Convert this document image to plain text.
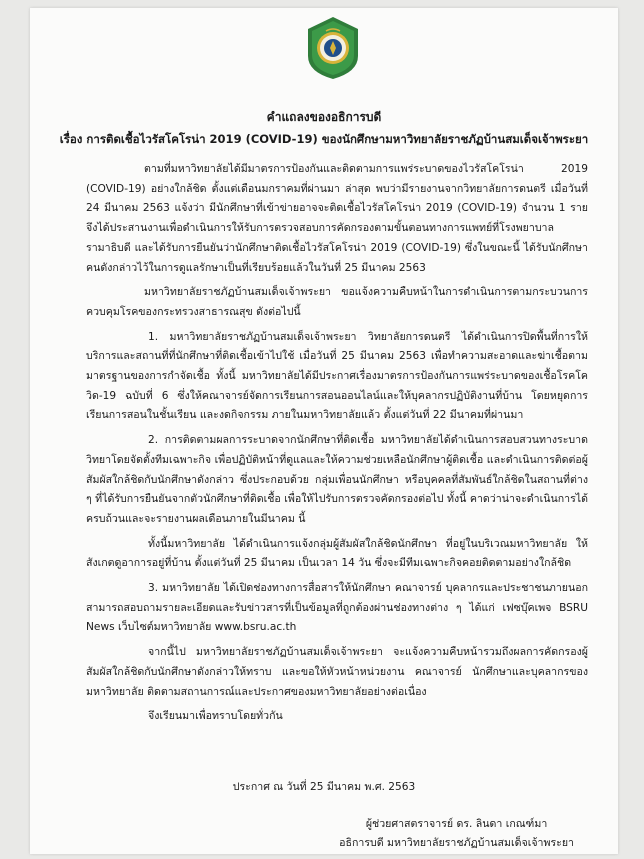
คำแถลงของอธิการบดี

เรื่อง การติดเชื้อไวรัสโคโรน่า 2019 (COVID-19) ของนักศึกษามหาวิทยาลัยราชภัฏบ้านสมเด็จเจ้าพระยา

ตามที่มหาวิทยาลัยได้มีมาตรการป้องกันและติดตามการแพร่ระบาดของไวรัสโคโรน่า 2019 (COVID-19) อย่างใกล้ชิด ตั้งแต่เดือนมกราคมที่ผ่านมา ล่าสุด พบว่ามีรายงานจากวิทยาลัยการดนตรี เมื่อวันที่ 24 มีนาคม 2563 แจ้งว่า มีนักศึกษาที่เข้าข่ายอาจจะติดเชื้อไวรัสโคโรน่า 2019 (COVID-19) จำนวน 1 ราย จึงได้ประสานงานเพื่อดำเนินการให้รับการตรวจสอบการคัดกรองตามขั้นตอนทางการแพทย์ที่โรงพยาบาลรามาธิบดี และได้รับการยืนยันว่านักศึกษาติดเชื้อไวรัสโคโรน่า 2019 (COVID-19) ซึ่งในขณะนี้ ได้รับนักศึกษาคนดังกล่าวไว้ในการดูแลรักษาเป็นที่เรียบร้อยแล้วในวันที่ 25 มีนาคม 2563

มหาวิทยาลัยราชภัฏบ้านสมเด็จเจ้าพระยา ขอแจ้งความคืบหน้าในการดำเนินการตามกระบวนการควบคุมโรคของกระทรวงสาธารณสุข ดังต่อไปนี้

1. มหาวิทยาลัยราชภัฏบ้านสมเด็จเจ้าพระยา วิทยาลัยการดนตรี ได้ดำเนินการปิดพื้นที่การให้บริการและสถานที่ที่นักศึกษาที่ติดเชื้อเข้าไปใช้ เมื่อวันที่ 25 มีนาคม 2563 เพื่อทำความสะอาดและฆ่าเชื้อตามมาตรฐานของการกำจัดเชื้อ ทั้งนี้ มหาวิทยาลัยได้มีประกาศเรื่องมาตรการป้องกันการแพร่ระบาดของเชื้อโรคโควิด-19 ฉบับที่ 6 ซึ่งให้คณาจารย์จัดการเรียนการสอนออนไลน์และให้บุคลากรปฏิบัติงานที่บ้าน โดยหยุดการเรียนการสอนในชั้นเรียน และงดกิจกรรม ภายในมหาวิทยาลัยแล้ว ตั้งแต่วันที่ 22 มีนาคมที่ผ่านมา

2. การติดตามผลการระบาดจากนักศึกษาที่ติดเชื้อ มหาวิทยาลัยได้ดำเนินการสอบสวนทางระบาดวิทยาโดยจัดตั้งทีมเฉพาะกิจ เพื่อปฏิบัติหน้าที่ดูแลและให้ความช่วยเหลือนักศึกษาผู้ติดเชื้อ และดำเนินการติดต่อผู้สัมผัสใกล้ชิดกับนักศึกษาดังกล่าว ซึ่งประกอบด้วย กลุ่มเพื่อนนักศึกษา หรือบุคคลที่สัมพันธ์ใกล้ชิดในสถานที่ต่าง ๆ ที่ได้รับการยืนยันจากตัวนักศึกษาที่ติดเชื้อ เพื่อให้ไปรับการตรวจคัดกรองต่อไป ทั้งนี้ คาดว่าน่าจะดำเนินการได้ครบถ้วนและจะรายงานผลเดือนภายในมีนาคม นี้

ทั้งนี้มหาวิทยาลัย ได้ดำเนินการแจ้งกลุ่มผู้สัมผัสใกล้ชิดนักศึกษา ที่อยู่ในบริเวณมหาวิทยาลัย ให้สังเกตดูอาการอยู่ที่บ้าน ตั้งแต่วันที่ 25 มีนาคม เป็นเวลา 14 วัน ซึ่งจะมีทีมเฉพาะกิจคอยติดตามอย่างใกล้ชิด

3. มหาวิทยาลัย ได้เปิดช่องทางการสื่อสารให้นักศึกษา คณาจารย์ บุคลากรและประชาชนภายนอกสามารถสอบถามรายละเอียดและรับข่าวสารที่เป็นข้อมูลที่ถูกต้องผ่านช่องทางต่าง ๆ ได้แก่ เฟซบุ๊คเพจ BSRU News เว็บไซต์มหาวิทยาลัย www.bsru.ac.th

จากนี้ไป มหาวิทยาลัยราชภัฏบ้านสมเด็จเจ้าพระยา จะแจ้งความคืบหน้ารวมถึงผลการคัดกรองผู้สัมผัสใกล้ชิดกับนักศึกษาดังกล่าวให้ทราบ และขอให้หัวหน้าหน่วยงาน คณาจารย์ นักศึกษาและบุคลากรของมหาวิทยาลัย ติดตามสถานการณ์และประกาศของมหาวิทยาลัยอย่างต่อเนื่อง

จึงเรียนมาเพื่อทราบโดยทั่วกัน

ประกาศ ณ วันที่ 25 มีนาคม พ.ศ. 2563
ผู้ช่วยศาสตราจารย์ ดร. ลินดา เกณฑ์มา
อธิการบดี มหาวิทยาลัยราชภัฏบ้านสมเด็จเจ้าพระยา
